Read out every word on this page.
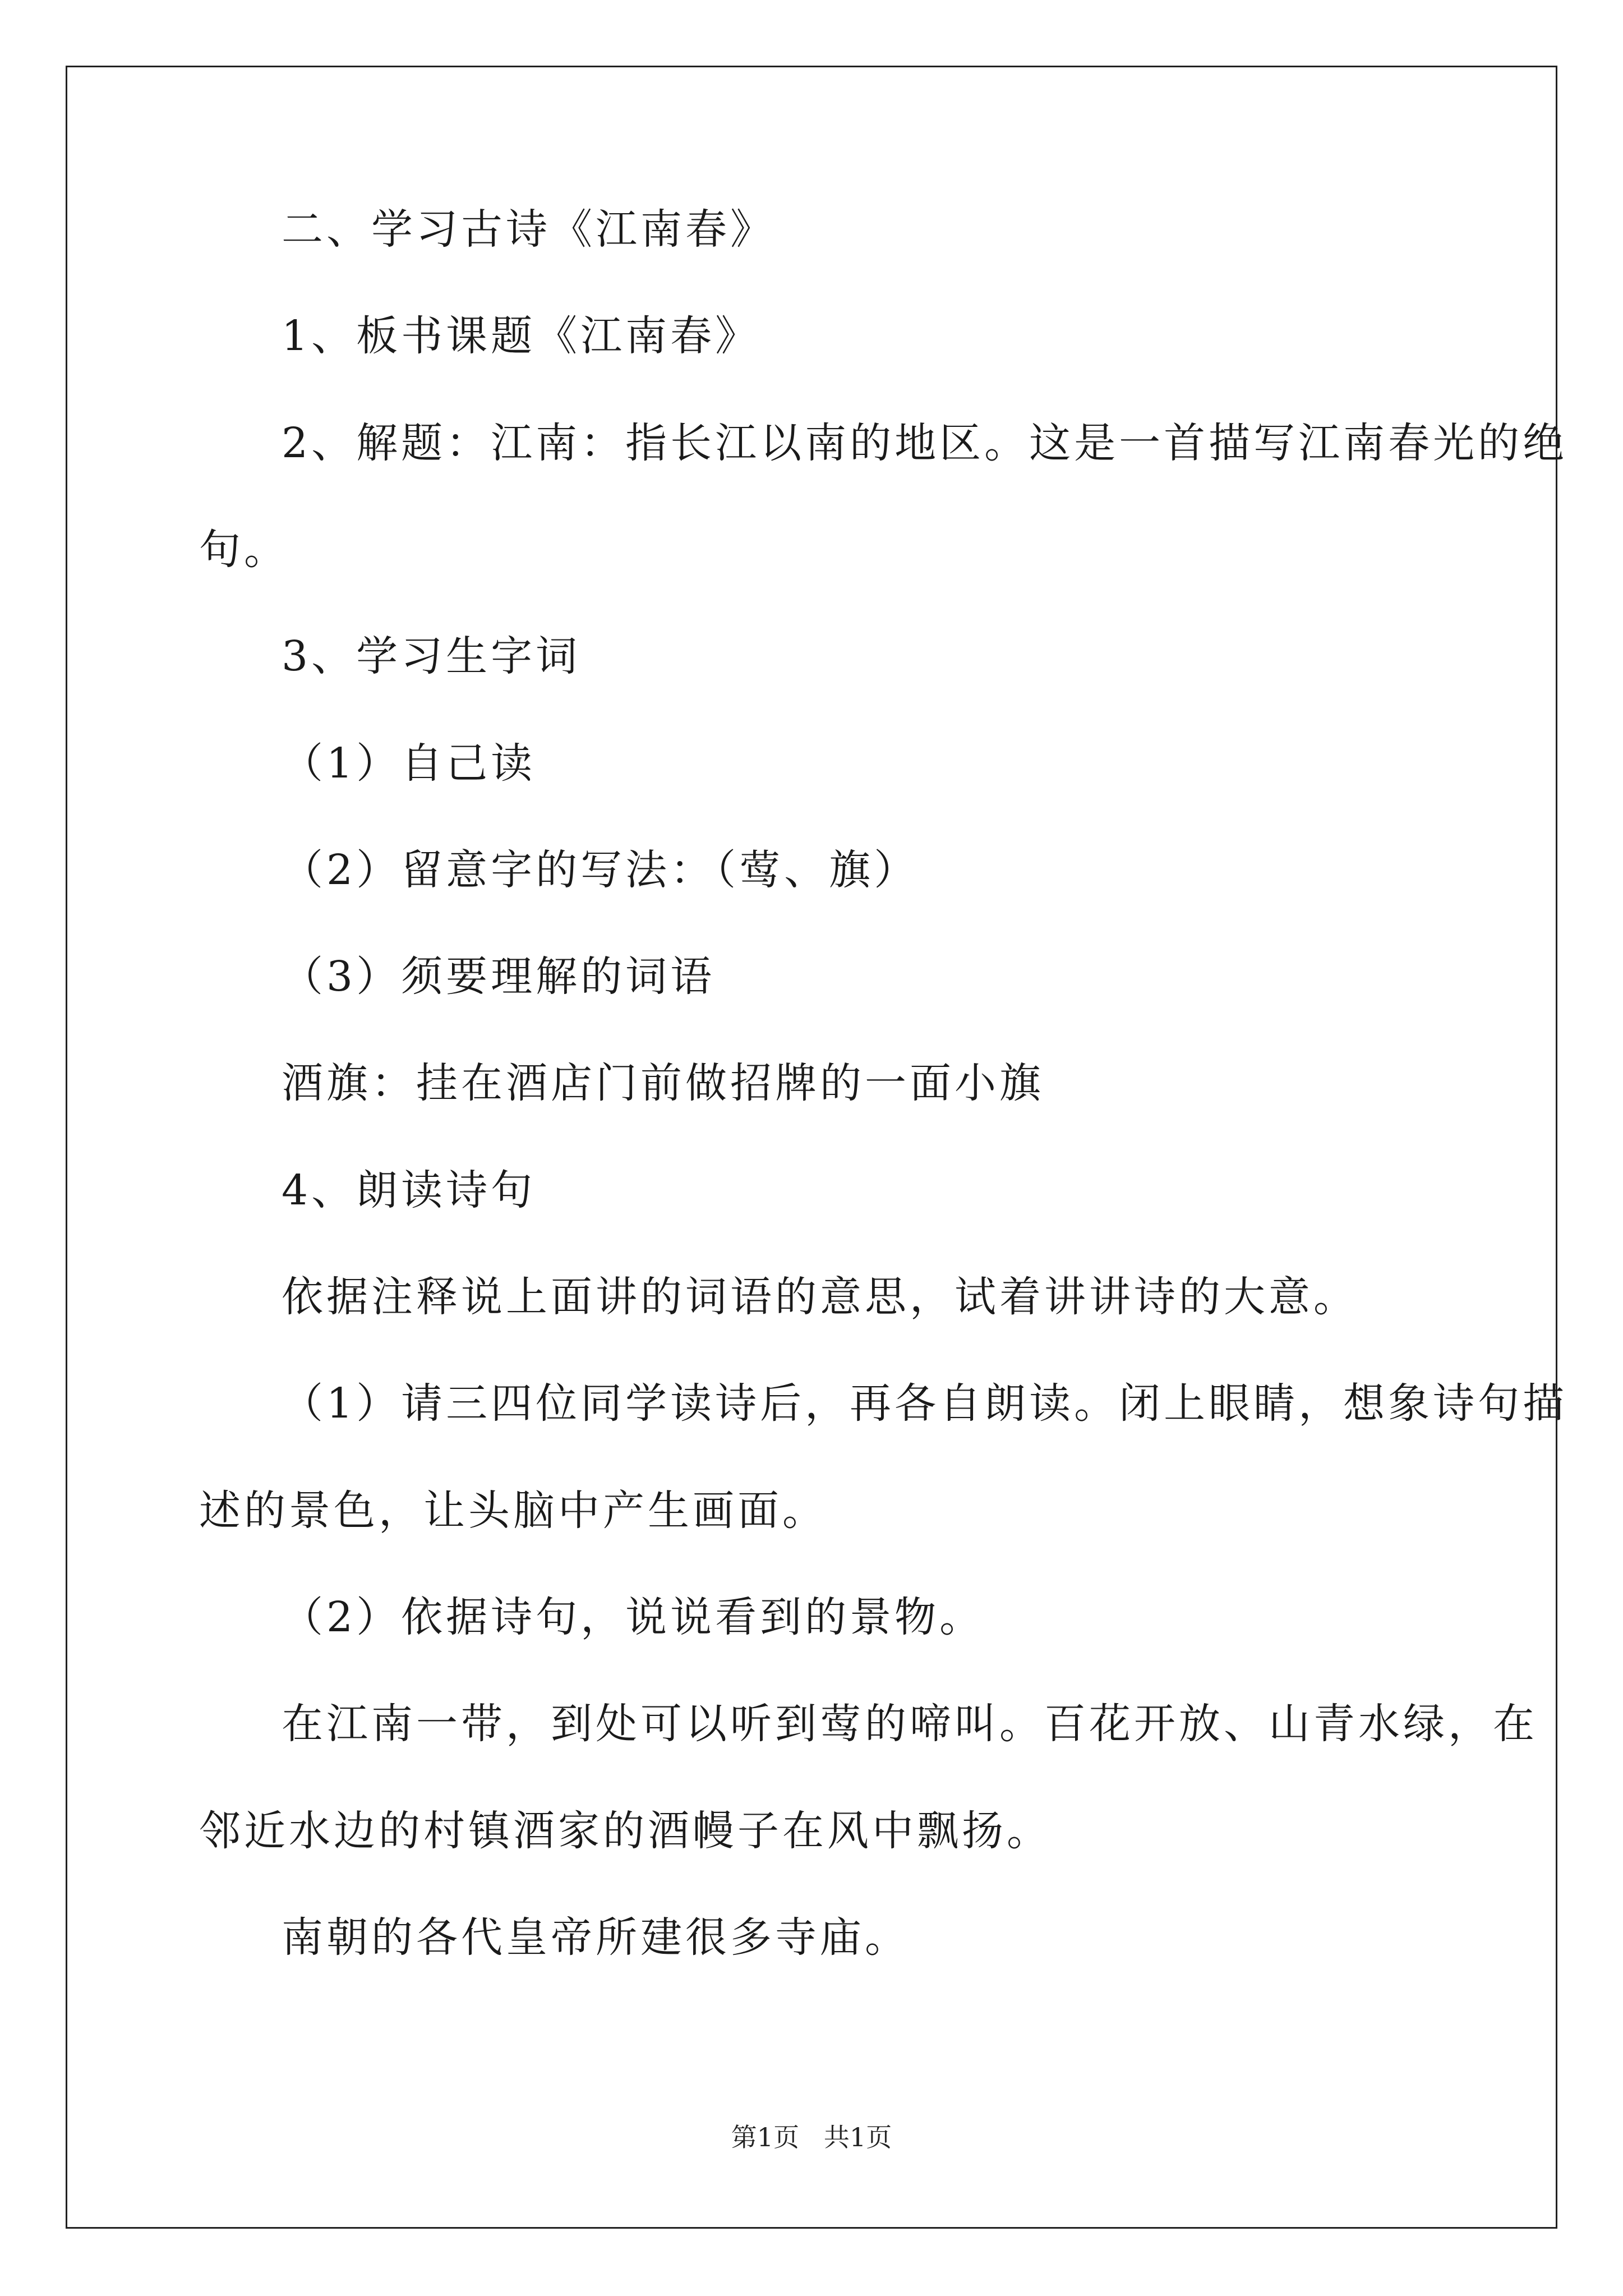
二、学习古诗《江南春》
1、板书课题《江南春》
2、解题：江南：指长江以南的地区。这是一首描写江南春光的绝
句。
3、学习生字词
（1）自己读
（2）留意字的写法：（莺、旗）
（3）须要理解的词语
酒旗：挂在酒店门前做招牌的一面小旗
4、朗读诗句
依据注释说上面讲的词语的意思，试着讲讲诗的大意。
（1）请三四位同学读诗后，再各自朗读。闭上眼睛，想象诗句描
述的景色，让头脑中产生画面。
（2）依据诗句，说说看到的景物。
在江南一带，到处可以听到莺的啼叫。百花开放、山青水绿，在
邻近水边的村镇酒家的酒幔子在风中飘扬。
南朝的各代皇帝所建很多寺庙。
第1页   共1页
